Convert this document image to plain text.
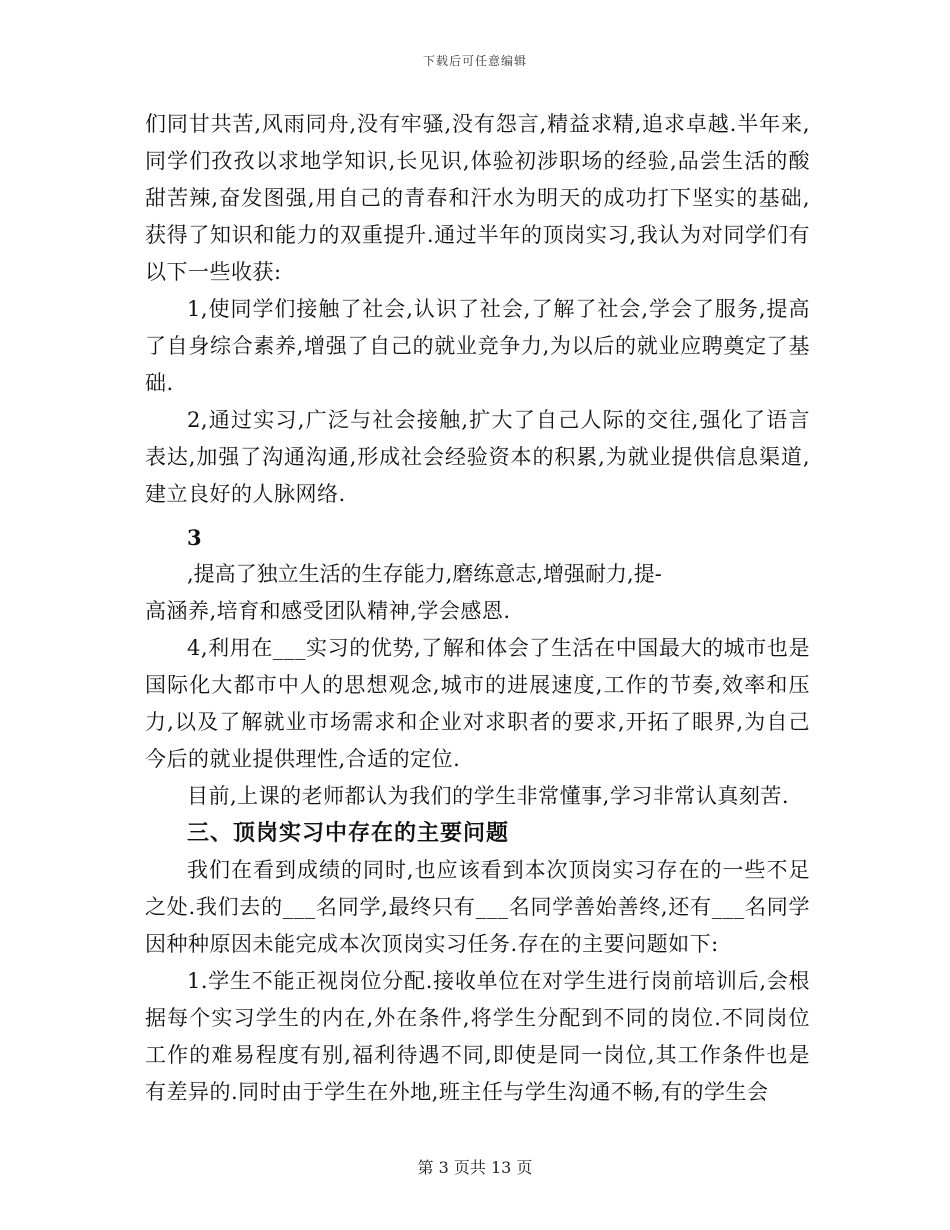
下载后可任意编辑

们同甘共苦,风雨同舟,没有牢骚,没有怨言,精益求精,追求卓越.半年来,同学们孜孜以求地学知识,长见识,体验初涉职场的经验,品尝生活的酸甜苦辣,奋发图强,用自己的青春和汗水为明天的成功打下坚实的基础,获得了知识和能力的双重提升.通过半年的顶岗实习,我认为对同学们有以下一些收获:

1,使同学们接触了社会,认识了社会,了解了社会,学会了服务,提高了自身综合素养,增强了自己的就业竞争力,为以后的就业应聘奠定了基础.

2,通过实习,广泛与社会接触,扩大了自己人际的交往,强化了语言表达,加强了沟通沟通,形成社会经验资本的积累,为就业提供信息渠道,建立良好的人脉网络.

3

,提高了独立生活的生存能力,磨练意志,增强耐力,提-

高涵养,培育和感受团队精神,学会感恩.

4,利用在___实习的优势,了解和体会了生活在中国最大的城市也是国际化大都市中人的思想观念,城市的进展速度,工作的节奏,效率和压力,以及了解就业市场需求和企业对求职者的要求,开拓了眼界,为自己今后的就业提供理性,合适的定位.

目前,上课的老师都认为我们的学生非常懂事,学习非常认真刻苦.

三、顶岗实习中存在的主要问题

我们在看到成绩的同时,也应该看到本次顶岗实习存在的一些不足之处.我们去的___名同学,最终只有___名同学善始善终,还有___名同学因种种原因未能完成本次顶岗实习任务.存在的主要问题如下:

1.学生不能正视岗位分配.接收单位在对学生进行岗前培训后,会根据每个实习学生的内在,外在条件,将学生分配到不同的岗位.不同岗位工作的难易程度有别,福利待遇不同,即使是同一岗位,其工作条件也是有差异的.同时由于学生在外地,班主任与学生沟通不畅,有的学生会

第 3 页共 13 页
